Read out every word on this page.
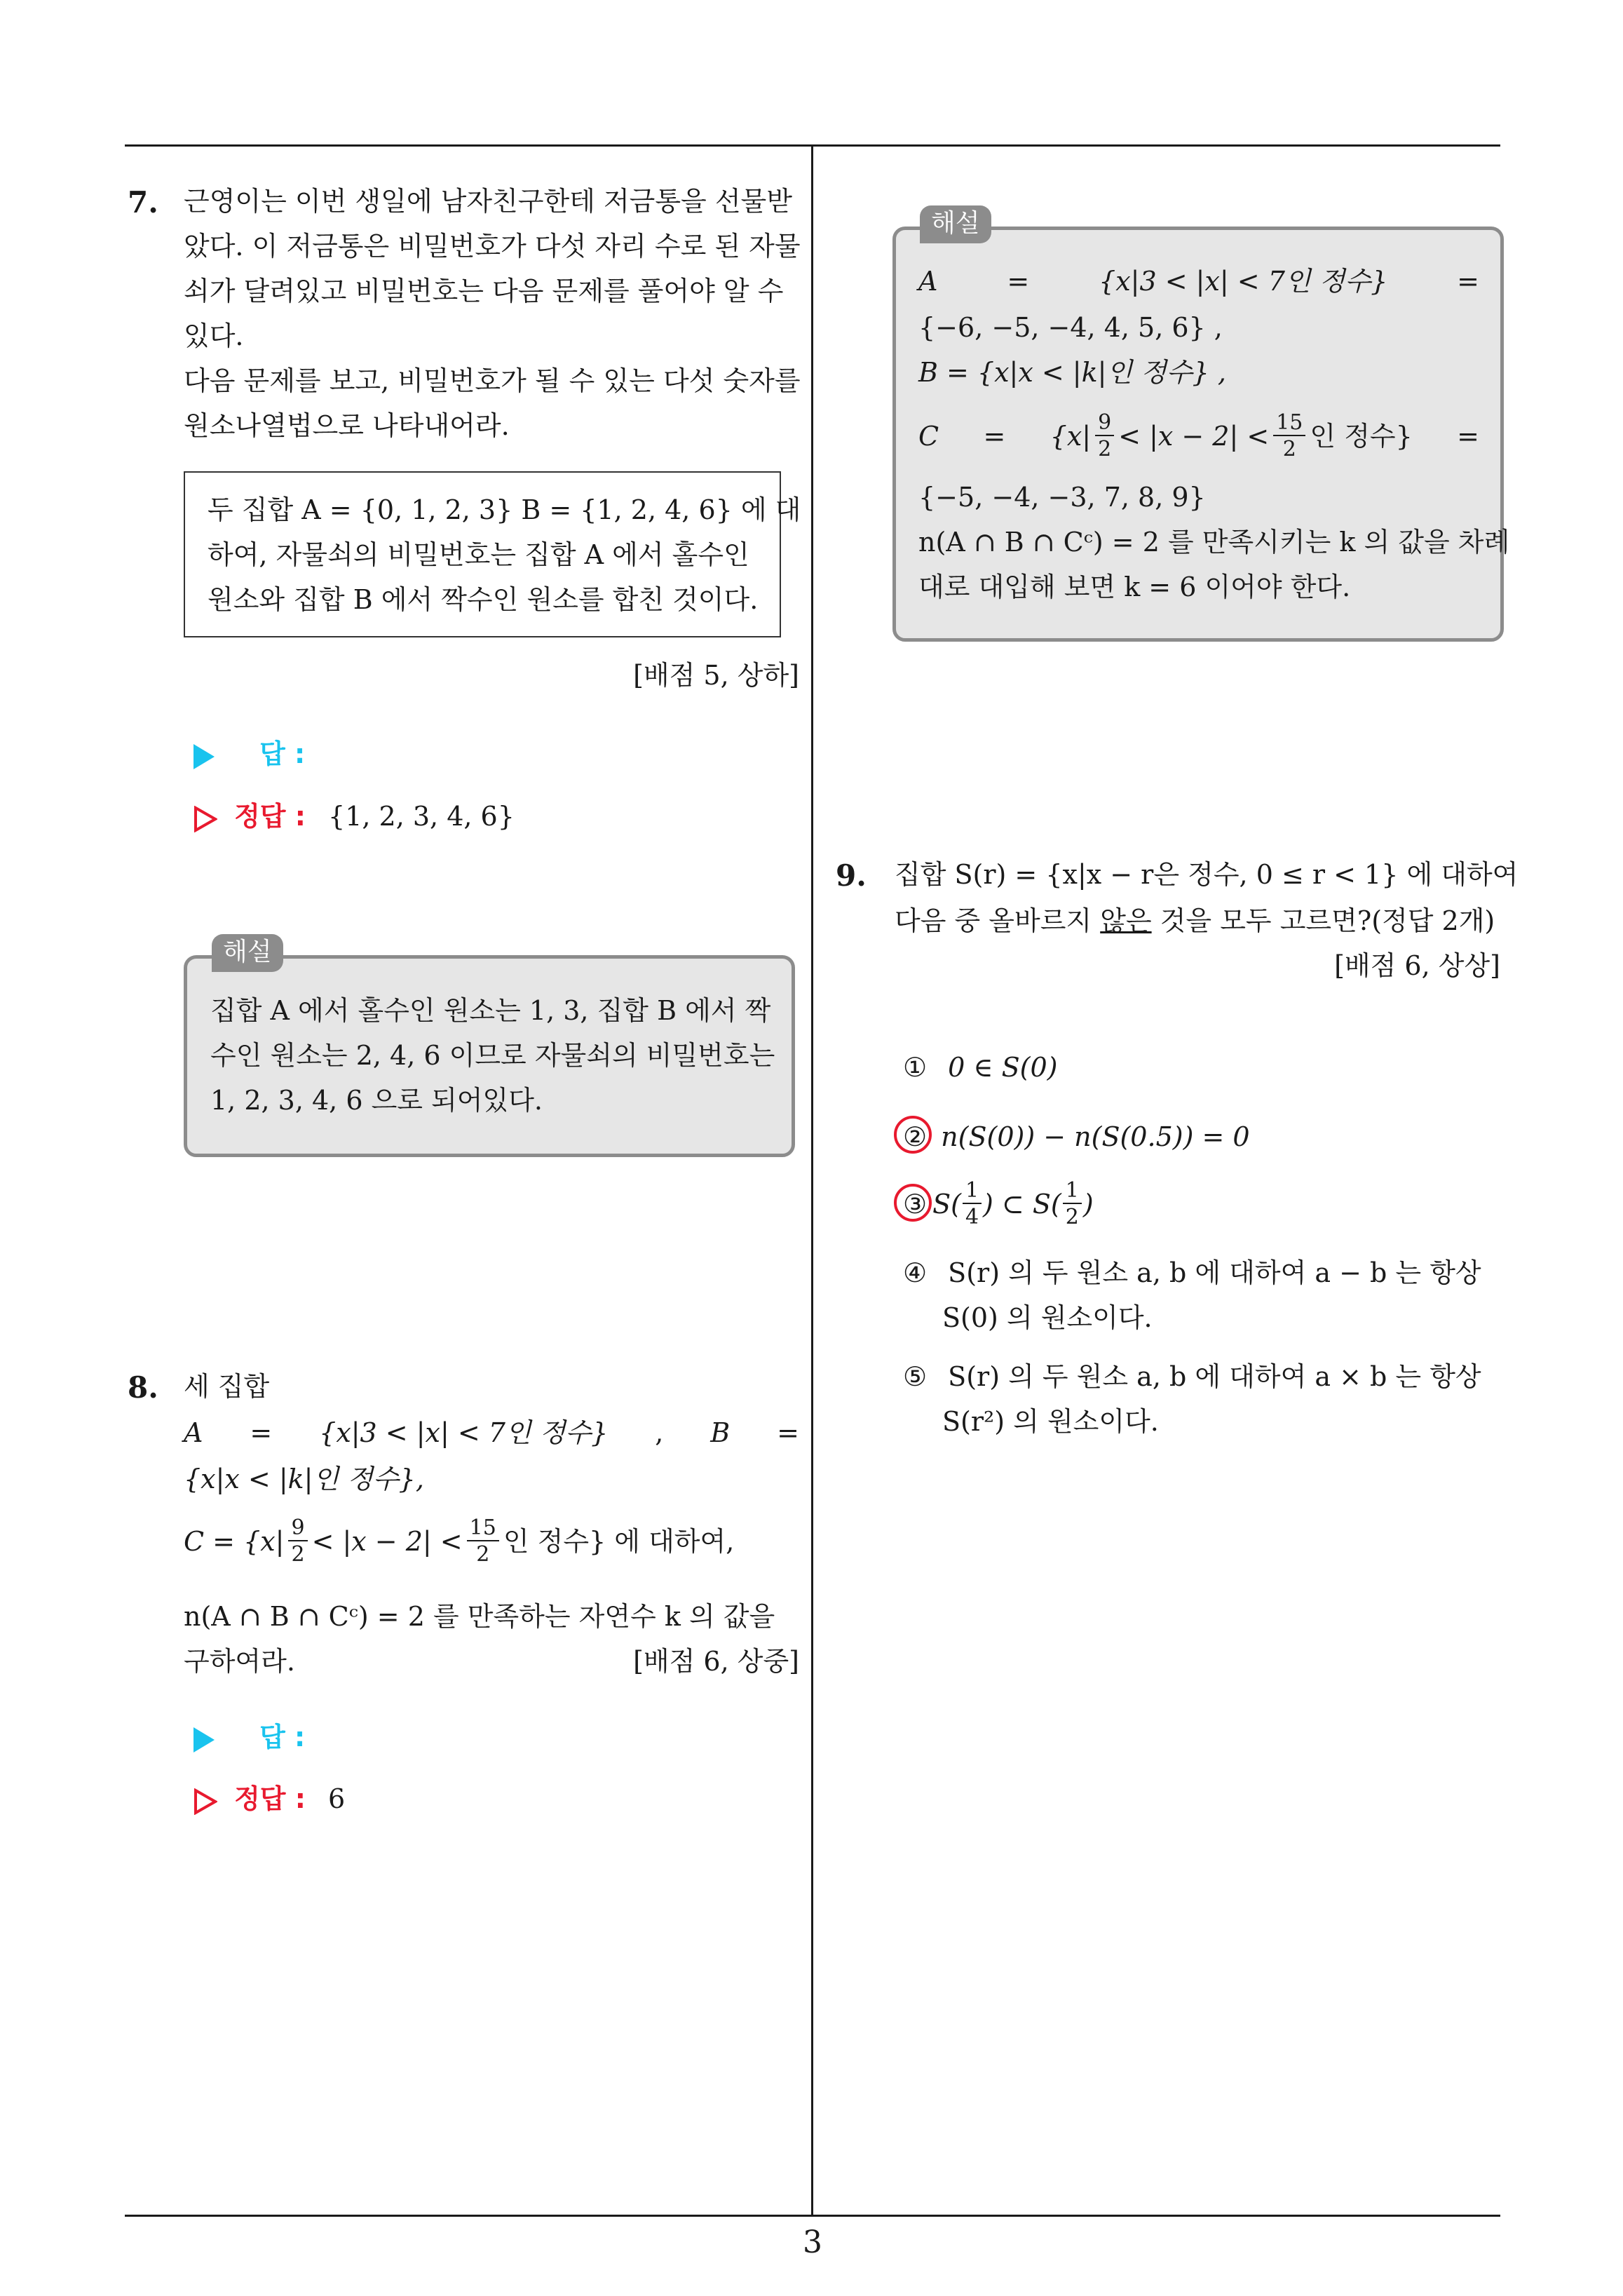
7. 근영이는 이번 생일에 남자친구한테 저금통을 선물받
았다. 이 저금통은 비밀번호가 다섯 자리 수로 된 자물
쇠가 달려있고 비밀번호는 다음 문제를 풀어야 알 수
있다.
다음 문제를 보고, 비밀번호가 될 수 있는 다섯 숫자를
원소나열법으로 나타내어라.
두 집합 A = {0, 1, 2, 3} B = {1, 2, 4, 6} 에 대
하여, 자물쇠의 비밀번호는 집합 A 에서 홀수인
원소와 집합 B 에서 짝수인 원소를 합친 것이다.
[배점 5, 상하]
답 :
정답 : {1, 2, 3, 4, 6}
해설
집합 A 에서 홀수인 원소는 1, 3, 집합 B 에서 짝
수인 원소는 2, 4, 6 이므로 자물쇠의 비밀번호는
1, 2, 3, 4, 6 으로 되어있다.
8. 세 집합
A = {x|3 < |x| < 7인 정수} , B =
{x|x < |k|인 정수},
$C = \{x| \frac{9}{2} < |x - 2| < \frac{15}{2}$ 인 정수} 에 대하여,
n(A ∩ B ∩ Cᶜ) = 2 를 만족하는 자연수 k 의 값을
구하여라.	[배점 6, 상중]
답 :
정답 : 6
해설
A	=	{x|3 < |x| < 7인 정수}	=
{−6, −5, −4, 4, 5, 6} ,
B = {x|x < |k|인 정수} ,
$C = \{x| \frac{9}{2} < |x - 2| < \frac{15}{2}$ 인 정수} =
{−5, −4, −3, 7, 8, 9}
n(A ∩ B ∩ Cᶜ) = 2 를 만족시키는 k 의 값을 차례
대로 대입해 보면 k = 6 이어야 한다.
9. 집합 S(r) = {x|x − r은 정수, 0 ≤ r < 1} 에 대하여
다음 중 올바르지 않은 것을 모두 고르면?(정답 2개)
[배점 6, 상상]
① 0 ∈ S(0)
② n(S(0)) − n(S(0.5)) = 0
③ $S( \frac{1}{4}$ ) ⊂ $S( \frac{1}{2}$ )
④ S(r) 의 두 원소 a, b 에 대하여 a − b 는 항상
S(0) 의 원소이다.
⑤ S(r) 의 두 원소 a, b 에 대하여 a × b 는 항상
S(r²) 의 원소이다.
3
